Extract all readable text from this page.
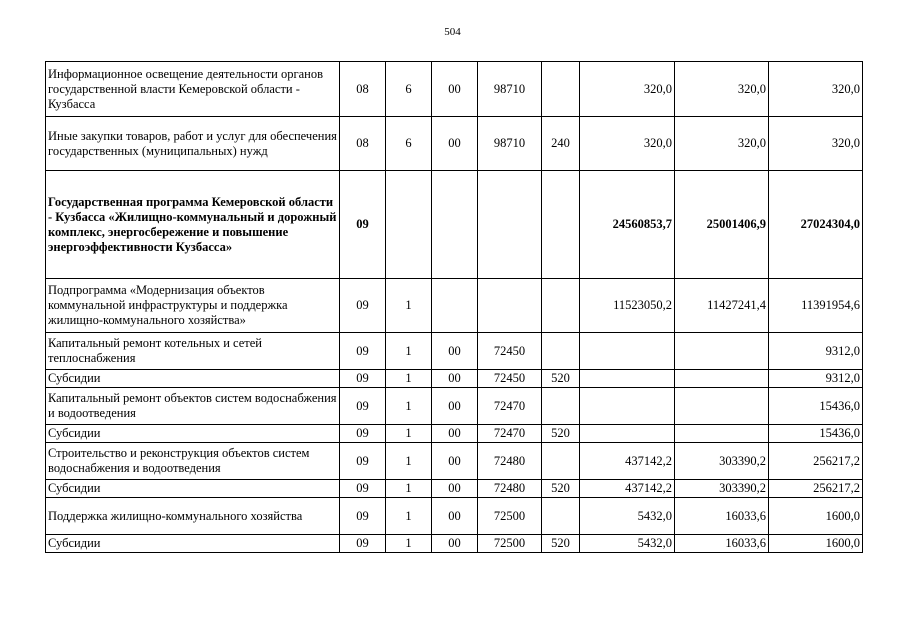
504
Информационное освещение деятельности органов государственной власти Кемеровской области - Кузбасса	08	6	00	98710		320,0	320,0	320,0
Иные закупки товаров, работ и услуг для обеспечения государственных (муниципальных) нужд	08	6	00	98710	240	320,0	320,0	320,0
Государственная программа Кемеровской области - Кузбасса «Жилищно-коммунальный и дорожный комплекс, энергосбережение и повышение энергоэффективности Кузбасса»	09					24560853,7	25001406,9	27024304,0
Подпрограмма «Модернизация объектов коммунальной инфраструктуры и поддержка жилищно-коммунального хозяйства»	09	1				11523050,2	11427241,4	11391954,6
Капитальный ремонт котельных и сетей теплоснабжения	09	1	00	72450				9312,0
Субсидии	09	1	00	72450	520			9312,0
Капитальный ремонт объектов систем водоснабжения и водоотведения	09	1	00	72470				15436,0
Субсидии	09	1	00	72470	520			15436,0
Строительство и реконструкция объектов систем водоснабжения и водоотведения	09	1	00	72480		437142,2	303390,2	256217,2
Субсидии	09	1	00	72480	520	437142,2	303390,2	256217,2
Поддержка жилищно-коммунального хозяйства	09	1	00	72500		5432,0	16033,6	1600,0
Субсидии	09	1	00	72500	520	5432,0	16033,6	1600,0
